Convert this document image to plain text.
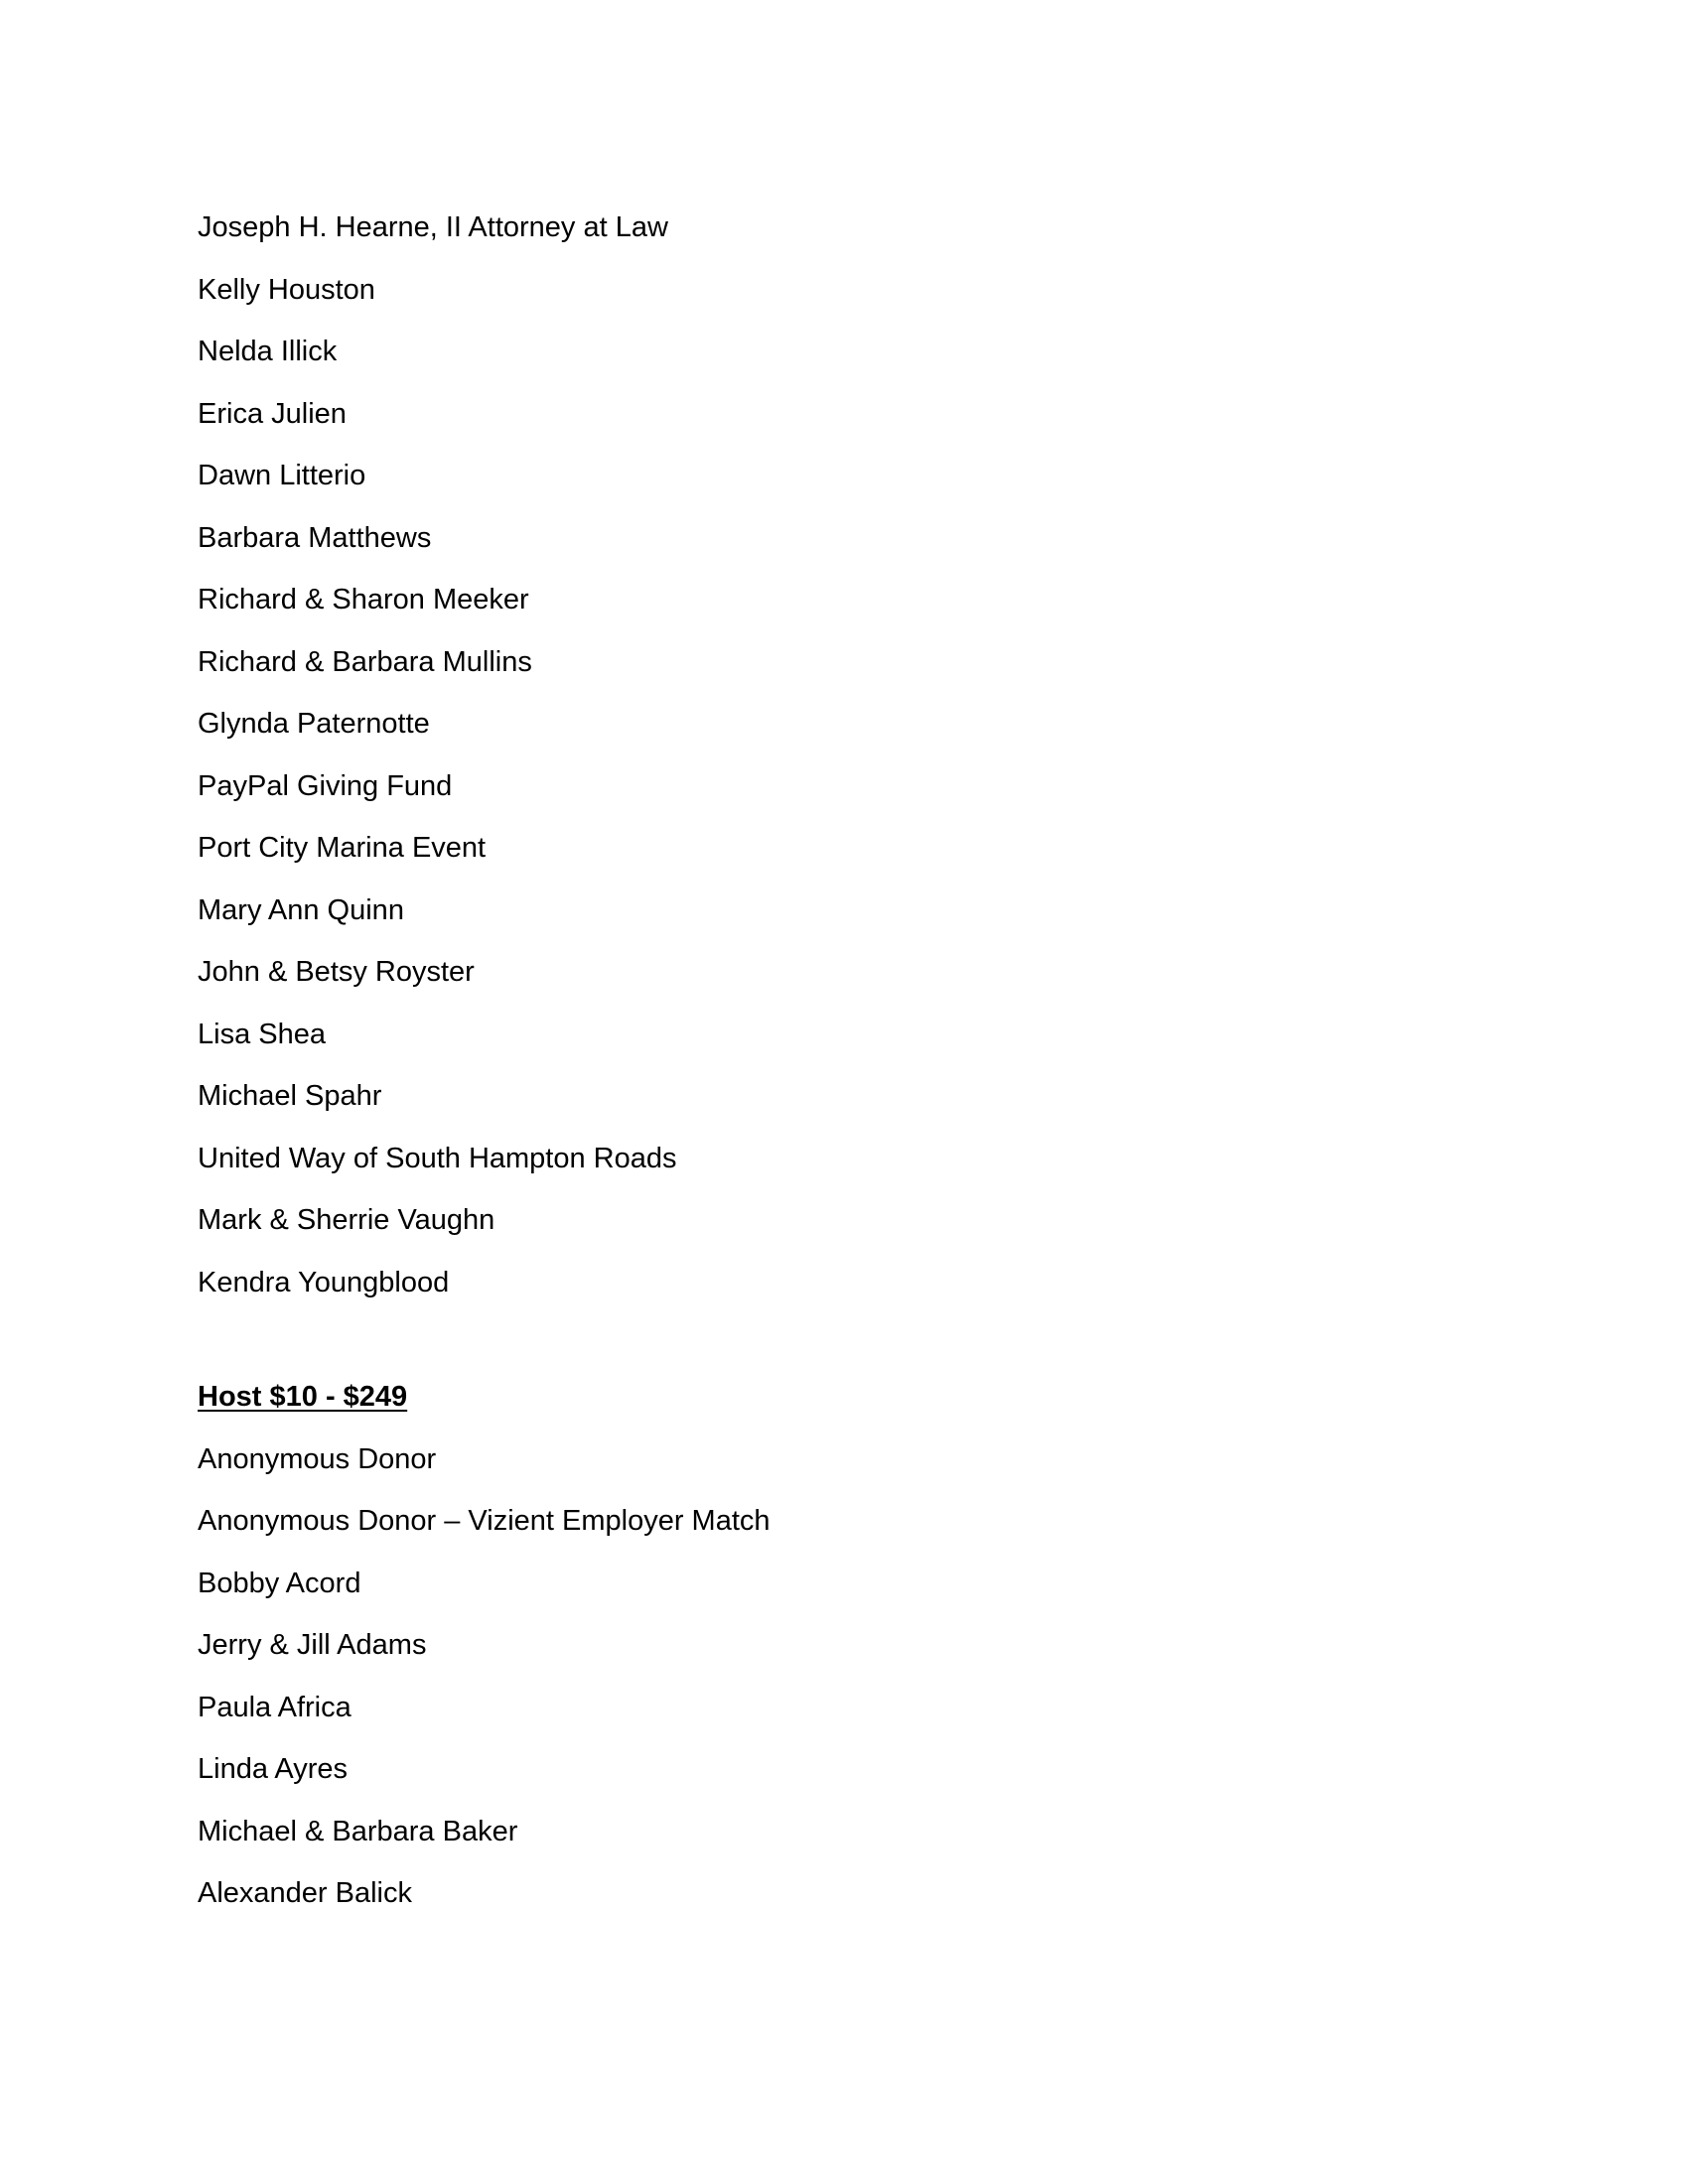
Joseph H. Hearne, II Attorney at Law
Kelly Houston
Nelda Illick
Erica Julien
Dawn Litterio
Barbara Matthews
Richard & Sharon Meeker
Richard & Barbara Mullins
Glynda Paternotte
PayPal Giving Fund
Port City Marina Event
Mary Ann Quinn
John & Betsy Royster
Lisa Shea
Michael Spahr
United Way of South Hampton Roads
Mark & Sherrie Vaughn
Kendra Youngblood
Host $10 - $249
Anonymous Donor
Anonymous Donor – Vizient Employer Match
Bobby Acord
Jerry & Jill Adams
Paula Africa
Linda Ayres
Michael & Barbara Baker
Alexander Balick
